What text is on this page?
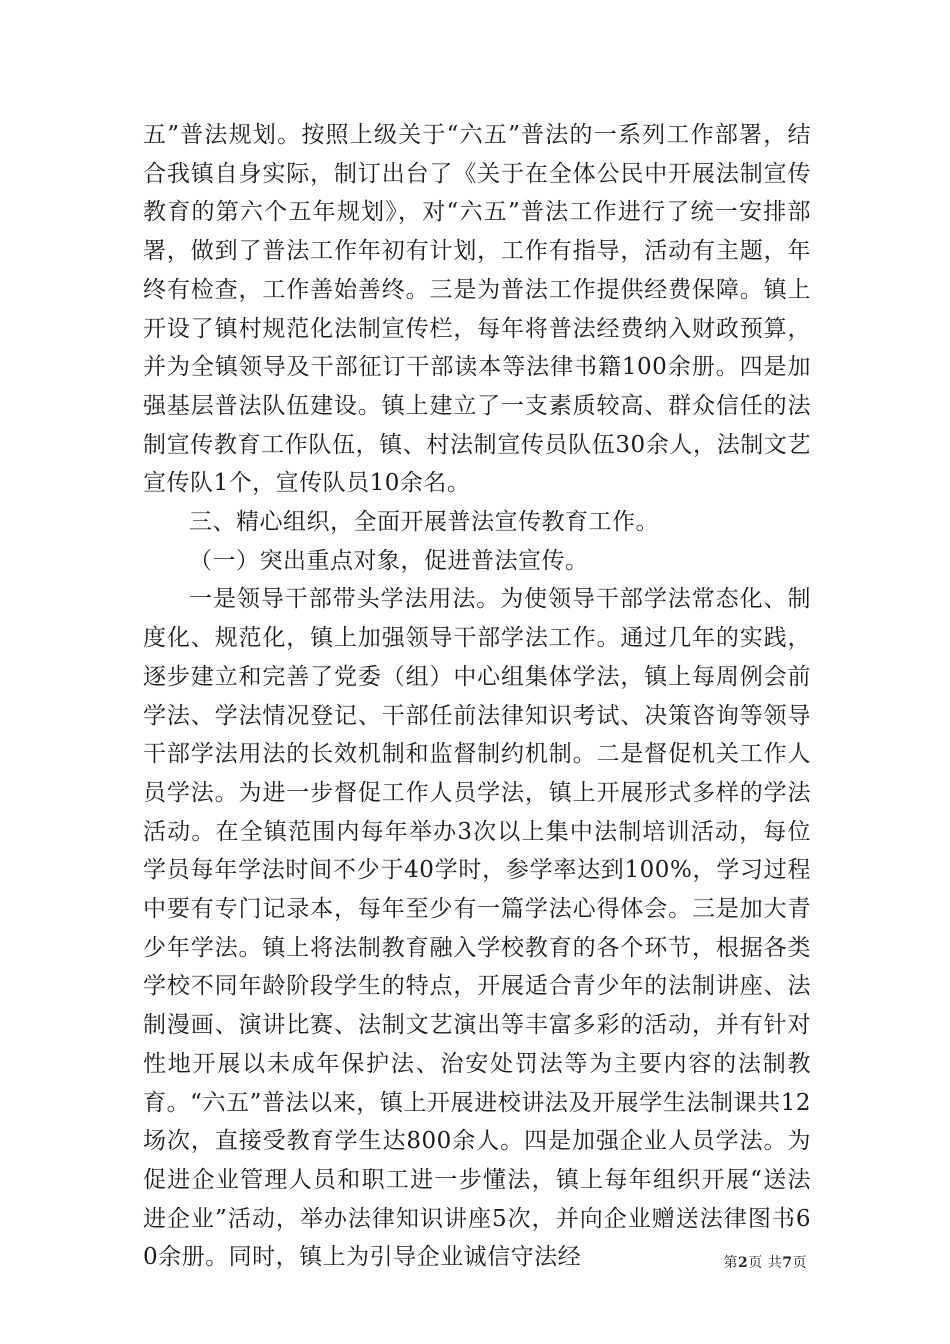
五”普法规划。按照上级关于“六五”普法的一系列工作部署，结合我镇自身实际，制订出台了《关于在全体公民中开展法制宣传教育的第六个五年规划》，对“六五”普法工作进行了统一安排部署，做到了普法工作年初有计划，工作有指导，活动有主题，年终有检查，工作善始善终。三是为普法工作提供经费保障。镇上开设了镇村规范化法制宣传栏，每年将普法经费纳入财政预算，并为全镇领导及干部征订干部读本等法律书籍100余册。四是加强基层普法队伍建设。镇上建立了一支素质较高、群众信任的法制宣传教育工作队伍，镇、村法制宣传员队伍30余人，法制文艺宣传队1个，宣传队员10余名。

三、精心组织，全面开展普法宣传教育工作。

（一）突出重点对象，促进普法宣传。

一是领导干部带头学法用法。为使领导干部学法常态化、制度化、规范化，镇上加强领导干部学法工作。通过几年的实践，逐步建立和完善了党委（组）中心组集体学法，镇上每周例会前学法、学法情况登记、干部任前法律知识考试、决策咨询等领导干部学法用法的长效机制和监督制约机制。二是督促机关工作人员学法。为进一步督促工作人员学法，镇上开展形式多样的学法活动。在全镇范围内每年举办3次以上集中法制培训活动，每位学员每年学法时间不少于40学时，参学率达到100%，学习过程中要有专门记录本，每年至少有一篇学法心得体会。三是加大青少年学法。镇上将法制教育融入学校教育的各个环节，根据各类学校不同年龄阶段学生的特点，开展适合青少年的法制讲座、法制漫画、演讲比赛、法制文艺演出等丰富多彩的活动，并有针对性地开展以未成年保护法、治安处罚法等为主要内容的法制教育。“六五”普法以来，镇上开展进校讲法及开展学生法制课共12场次，直接受教育学生达800余人。四是加强企业人员学法。为促进企业管理人员和职工进一步懂法，镇上每年组织开展“送法进企业”活动，举办法律知识讲座5次，并向企业赠送法律图书60余册。同时，镇上为引导企业诚信守法经	第2页 共7页
